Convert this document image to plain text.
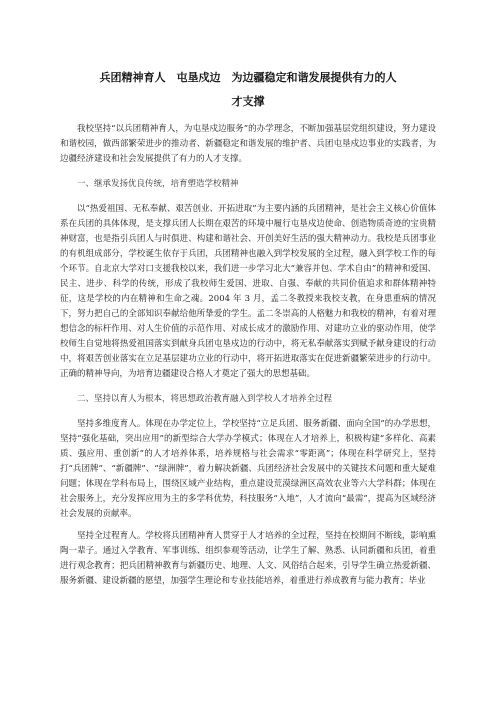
兵团精神育人　屯垦戍边　为边疆稳定和谐发展提供有力的人
才支撑

我校坚持“以兵团精神育人，为屯垦戍边服务”的办学理念，不断加强基层党组织建设，努力建设和谐校园，做西部繁荣进步的推动者、新疆稳定和谐发展的维护者、兵团屯垦戍边事业的实践者，为边疆经济建设和社会发展提供了有力的人才支撑。

一、继承发扬优良传统，培育塑造学校精神

以“热爱祖国、无私奉献、艰苦创业、开拓进取”为主要内涵的兵团精神，是社会主义核心价值体系在兵团的具体体现，是支撑兵团人长期在艰苦的环境中履行屯垦戍边使命、创造物质奇迹的宝贵精神财富，也是指引兵团人与时俱进、构建和谐社会、开创美好生活的强大精神动力。我校是兵团事业的有机组成部分，学校诞生依存于兵团，兵团精神也融入到学校发展的全过程，融入到学校工作的每个环节。自北京大学对口支援我校以来，我们进一步学习北大“兼容并包、学术自由”的精神和爱国、民主、进步、科学的传统，形成了我校师生爱国、进取、自强、奉献的共同价值追求和群体精神特征，这是学校的内在精神和生命之魂。2004 年 3 月，孟二冬教授来我校支教，在身患重病的情况下，努力把自己的全部知识奉献给他所挚爱的学生。孟二冬崇高的人格魅力和我校的精神，有着对理想信念的标杆作用、对人生价值的示范作用、对成长成才的激励作用、对建功立业的驱动作用，使学校师生自觉地将热爱祖国落实到献身兵团屯垦戍边的行动中，将无私奉献落实到赋予献身建设的行动中，将艰苦创业落实在立足基层建功立业的行动中，将开拓进取落实在促进新疆繁荣进步的行动中。正确的精神导向，为培育边疆建设合格人才奠定了强大的思想基础。

二、坚持以育人为根本，将思想政治教育融入到学校人才培养全过程

坚持多维度育人。体现在办学定位上，学校坚持“立足兵团、服务新疆、面向全国”的办学思想，坚持“强化基础，突出应用”的新型综合大学办学模式；体现在人才培养上，积极构建“多样化、高素质、强应用、重创新”的人才培养体系，培养规格与社会需求“零距离”；体现在科学研究上，坚持打“兵团牌”、“新疆牌”、“绿洲牌”，着力解决新疆、兵团经济社会发展中的关键技术问题和重大疑难问题；体现在学科布局上，围绕区域产业结构，重点建设荒漠绿洲区高效农业等六大学科群；体现在社会服务上，充分发挥应用为主的多学科优势，科技服务“入地”，人才流向“最需”，提高为区域经济社会发展的贡献率。

坚持全过程育人。学校将兵团精神育人贯穿于人才培养的全过程，坚持在校期间不断线，影响熏陶一辈子。通过入学教育、军事训练、组织参观等活动，让学生了解、熟悉、认同新疆和兵团，着重进行观念教育；把兵团精神教育与新疆历史、地理、人文、风俗结合起来，引导学生确立热爱新疆、服务新疆、建设新疆的愿望，加强学生理论和专业技能培养，着重进行养成教育与能力教育；毕业
